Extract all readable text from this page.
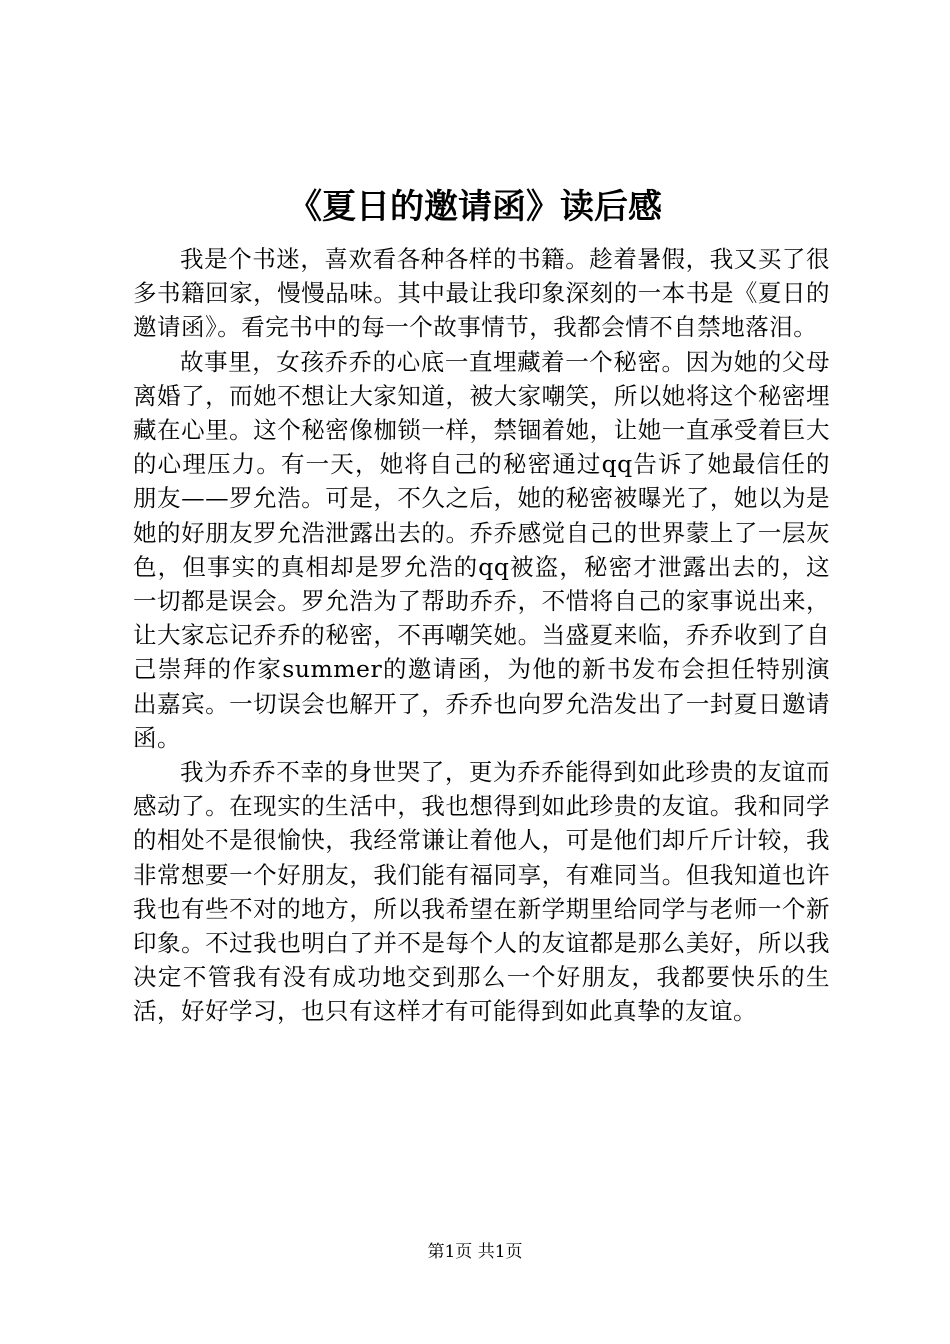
《夏日的邀请函》读后感

我是个书迷，喜欢看各种各样的书籍。趁着暑假，我又买了很多书籍回家，慢慢品味。其中最让我印象深刻的一本书是《夏日的邀请函》。看完书中的每一个故事情节，我都会情不自禁地落泪。

故事里，女孩乔乔的心底一直埋藏着一个秘密。因为她的父母离婚了，而她不想让大家知道，被大家嘲笑，所以她将这个秘密埋藏在心里。这个秘密像枷锁一样，禁锢着她，让她一直承受着巨大的心理压力。有一天，她将自己的秘密通过qq告诉了她最信任的朋友——罗允浩。可是，不久之后，她的秘密被曝光了，她以为是她的好朋友罗允浩泄露出去的。乔乔感觉自己的世界蒙上了一层灰色，但事实的真相却是罗允浩的qq被盗，秘密才泄露出去的，这一切都是误会。罗允浩为了帮助乔乔，不惜将自己的家事说出来，让大家忘记乔乔的秘密，不再嘲笑她。当盛夏来临，乔乔收到了自己崇拜的作家summer的邀请函，为他的新书发布会担任特别演出嘉宾。一切误会也解开了，乔乔也向罗允浩发出了一封夏日邀请函。

我为乔乔不幸的身世哭了，更为乔乔能得到如此珍贵的友谊而感动了。在现实的生活中，我也想得到如此珍贵的友谊。我和同学的相处不是很愉快，我经常谦让着他人，可是他们却斤斤计较，我非常想要一个好朋友，我们能有福同享，有难同当。但我知道也许我也有些不对的地方，所以我希望在新学期里给同学与老师一个新印象。不过我也明白了并不是每个人的友谊都是那么美好，所以我决定不管我有没有成功地交到那么一个好朋友，我都要快乐的生活，好好学习，也只有这样才有可能得到如此真挚的友谊。

第1页 共1页
